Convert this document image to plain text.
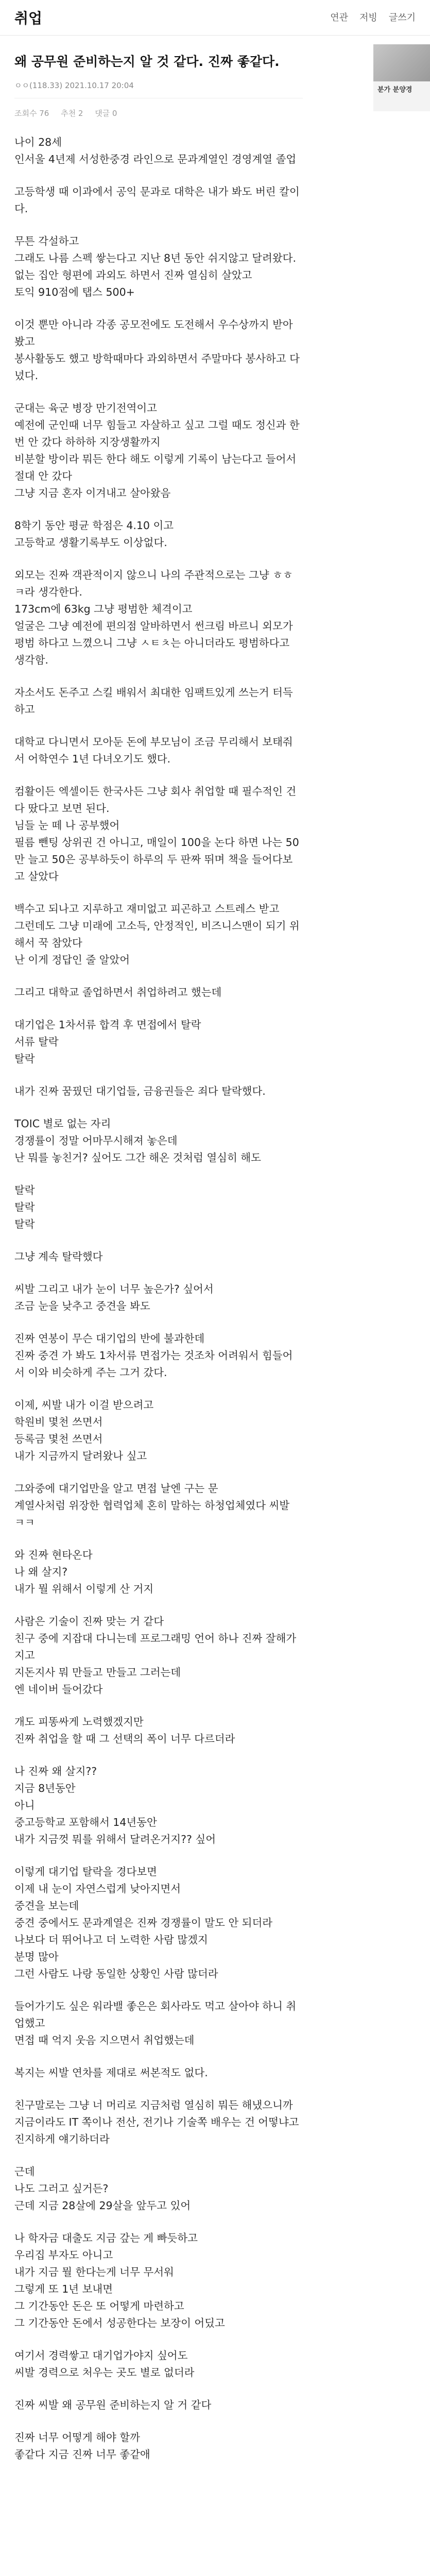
취업	연관 저빙 글쓰기
분가 분양경
왜 공무원 준비하는지 알 것 같다. 진짜 좋같다.
ㅇㅇ(118.33) 2021.10.17 20:04
조회수 76 추천 2 댓글 0

나이 28세
인서울 4년제 서성한중경 라인으로 문과계열인 경영계열 졸업

고등학생 때 이과에서 공익 문과로 대학은 내가 봐도 버린 칼이다.

무튼 각설하고
그래도 나름 스펙 쌓는다고 지난 8년 동안 쉬지않고 달려왔다.
없는 집안 형편에 과외도 하면서 진짜 열심히 살았고
토익 910점에 탭스 500+

이것 뿐만 아니라 각종 공모전에도 도전해서 우수상까지 받아봤고
봉사활동도 했고 방학때마다 과외하면서 주말마다 봉사하고 다녔다.

군대는 육군 병장 만기전역이고
예전에 군인때 너무 힘들고 자살하고 싶고 그럴 때도 정신과 한번 안 갔다 하하하 지장생활까지
비분할 방이라 뭐든 한다 해도 이렇게 기록이 남는다고 들어서 절대 안 갔다
그냥 지금 혼자 이겨내고 살아왔음

8학기 동안 평균 학점은 4.10 이고
고등학교 생활기록부도 이상없다.

외모는 진짜 객관적이지 않으니 나의 주관적으로는 그냥 ㅎㅎㅋ라 생각한다.
173cm에 63kg 그냥 평범한 체격이고
얼굴은 그냥 예전에 편의점 알바하면서 썬크림 바르니 외모가 평범 하다고 느꼈으니 그냥 ㅅㅌㅊ는 아니더라도 평범하다고 생각함.

자소서도 돈주고 스킬 배워서 최대한 임팩트있게 쓰는거 터득하고

대학교 다니면서 모아둔 돈에 부모님이 조금 무리해서 보태줘서 어학연수 1년 다녀오기도 했다.

컴활이든 엑셀이든 한국사든 그냥 회사 취업할 때 필수적인 건 다 땄다고 보면 된다.
님들 눈 떼 나 공부했어
필름 뺀팅 상위권 건 아니고, 매일이 100을 논다 하면 나는 50만 늘고 50은 공부하듯이 하루의 두 판짜 뛰며 책을 들어다보고 살았다

백수고 되나고 지루하고 재미없고 피곤하고 스트레스 받고
그런데도 그냥 미래에 고소득, 안정적인, 비즈니스맨이 되기 위해서 꾹 참았다
난 이게 정답인 줄 알았어

그리고 대학교 졸업하면서 취업하려고 했는데

대기업은 1차서류 합격 후 면접에서 탈락
서류 탈락
탈락

내가 진짜 꿈꿨던 대기업들, 금융권들은 죄다 탈락했다.

TOIC 별로 없는 자리
경쟁률이 정말 어마무시해져 놓은데
난 뭐를 놓친거? 싶어도 그간 해온 것처럼 열심히 해도

탈락
탈락
탈락

그냥 계속 탈락했다

씨발 그리고 내가 눈이 너무 높은가? 싶어서
조금 눈을 낮추고 중견을 봐도

진짜 연봉이 무슨 대기업의 반에 불과한데
진짜 중견 가 봐도 1차서류 면접가는 것조차 어려워서 힘들어서 이와 비슷하게 주는 그거 갔다.

이제, 씨발 내가 이걸 받으려고
학원비 몇천 쓰면서
등록금 몇천 쓰면서
내가 지금까지 달려왔나 싶고

그와중에 대기업만을 알고 면접 날엔 구는 문
계열사처럼 위장한 협력업체 혼히 말하는 하청업체였다 씨발 ㅋㅋ

와 진짜 현타온다
나 왜 살지?
내가 뭘 위해서 이렇게 산 거지

사람은 기술이 진짜 맞는 거 같다
친구 중에 지잡대 다니는데 프로그래밍 언어 하나 진짜 잘해가지고
지돈지사 뭐 만들고 만들고 그러는데
엔 네이버 들어갔다

개도 피똥싸게 노력했겠지만
진짜 취업을 할 때 그 선택의 폭이 너무 다르더라

나 진짜 왜 살지??
지금 8년동안
아니
중고등학교 포함해서 14년동안
내가 지금껏 뭐를 위해서 달려온거지?? 싶어

이렇게 대기업 탈락을 경다보면
이제 내 눈이 자연스럽게 낮아지면서
중견을 보는데
중견 중에서도 문과계열은 진짜 경쟁률이 말도 안 되더라
나보다 더 뛰어나고 더 노력한 사람 많겠지
분명 많아
그런 사람도 나랑 동일한 상황인 사람 많더라

들어가기도 싶은 워라밸 좋은은 회사라도 먹고 살아야 하니 취업했고
면접 때 억지 웃음 지으면서 취업했는데

복지는 씨발 연차를 제대로 써본적도 없다.

친구말로는 그냥 너 머리로 지금처럼 열심히 뭐든 해냈으니까
지금이라도 IT 쪽이나 전산, 전기나 기술쪽 배우는 건 어떻냐고
진지하게 얘기하더라

근데
나도 그러고 싶거든?
근데 지금 28살에 29살을 앞두고 있어

나 학자금 대출도 지금 갚는 게 빠듯하고
우리집 부자도 아니고
내가 지금 뭘 한다는게 너무 무서워
그렇게 또 1년 보내면
그 기간동안 돈은 또 어떻게 마련하고
그 기간동안 돈에서 성공한다는 보장이 어딨고

여기서 경력쌓고 대기업가야지 싶어도
씨발 경력으로 처우는 곳도 별로 없더라

진짜 씨발 왜 공무원 준비하는지 알 거 같다

진짜 너무 어떻게 해야 할까
좋같다 지금 진짜 너무 좋같애
